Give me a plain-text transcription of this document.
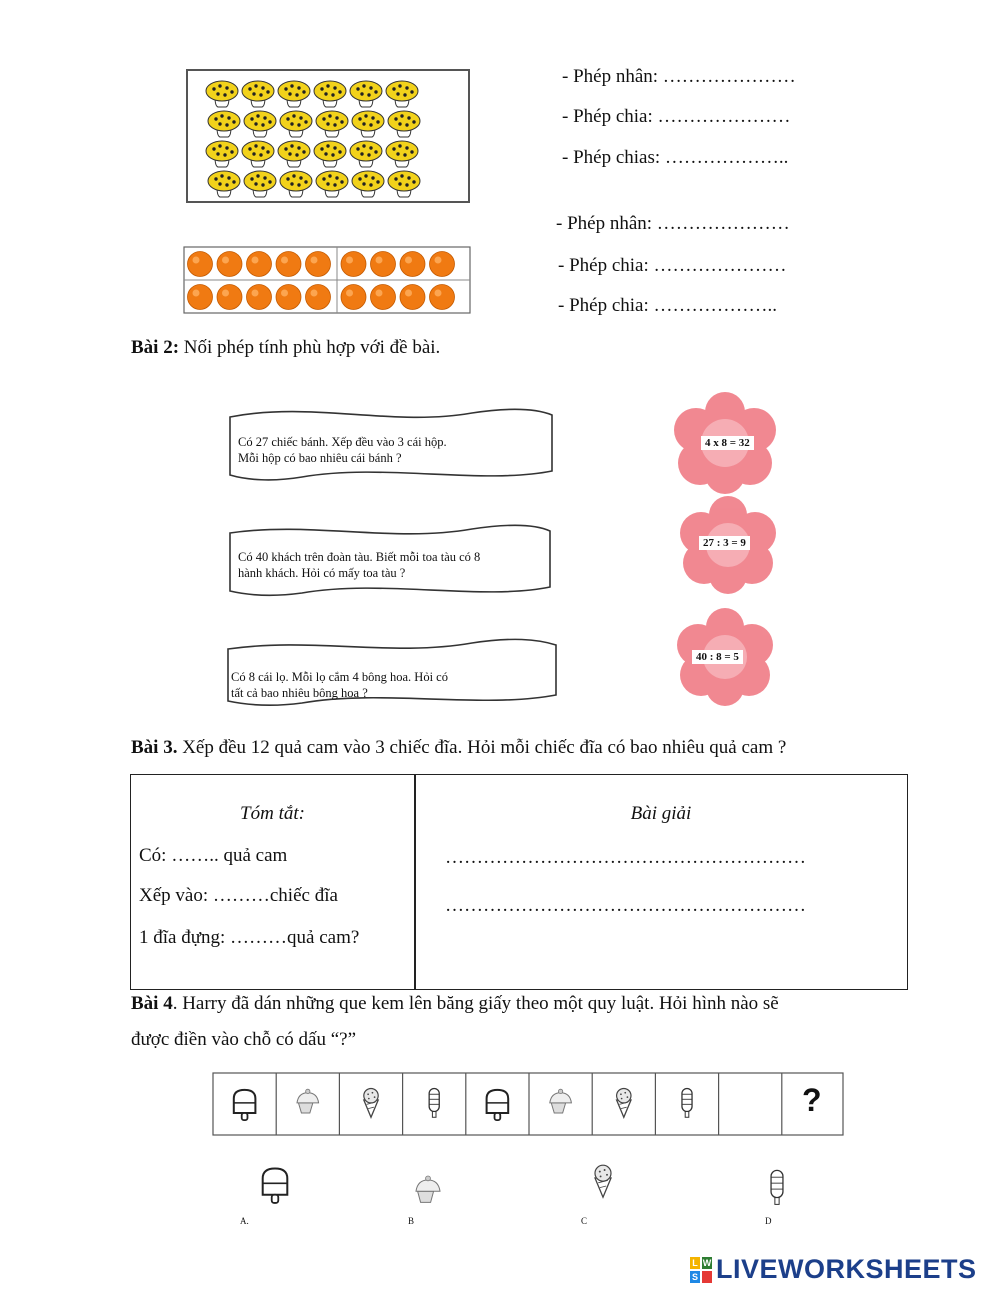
- Phép nhân: …………………
- Phép chia: …………………
- Phép chias: ………………..
- Phép nhân: …………………
- Phép chia: …………………
- Phép chia: ………………..
Bài 2: Nối phép tính phù hợp với đề bài.
Có 27 chiếc bánh. Xếp đều vào 3 cái hộp.
Mỗi hộp có bao nhiêu cái bánh ?
Có 40 khách trên đoàn tàu. Biết mỗi toa tàu có 8
hành khách. Hỏi có mấy toa tàu ?
Có 8 cái lọ. Mỗi lọ cắm 4 bông hoa. Hỏi có
tất cả bao nhiêu bông hoa ?
4 x 8 = 32
27 : 3 = 9
40 : 8 = 5
Bài 3. Xếp đều 12 quả cam vào 3 chiếc đĩa. Hỏi mỗi chiếc đĩa có bao nhiêu quả cam ?
Tóm tắt:
Có: …….. quả cam
Xếp vào: ………chiếc đĩa
1 đĩa đựng: ………quả cam?
Bài giải
…………………………………………………
…………………………………………………
Bài 4. Harry đã dán những que kem lên băng giấy theo một quy luật. Hỏi hình nào sẽ
được điền vào chỗ có dấu “?”
?
A.	B	C	D
L W
S LIVEWORKSHEETS
